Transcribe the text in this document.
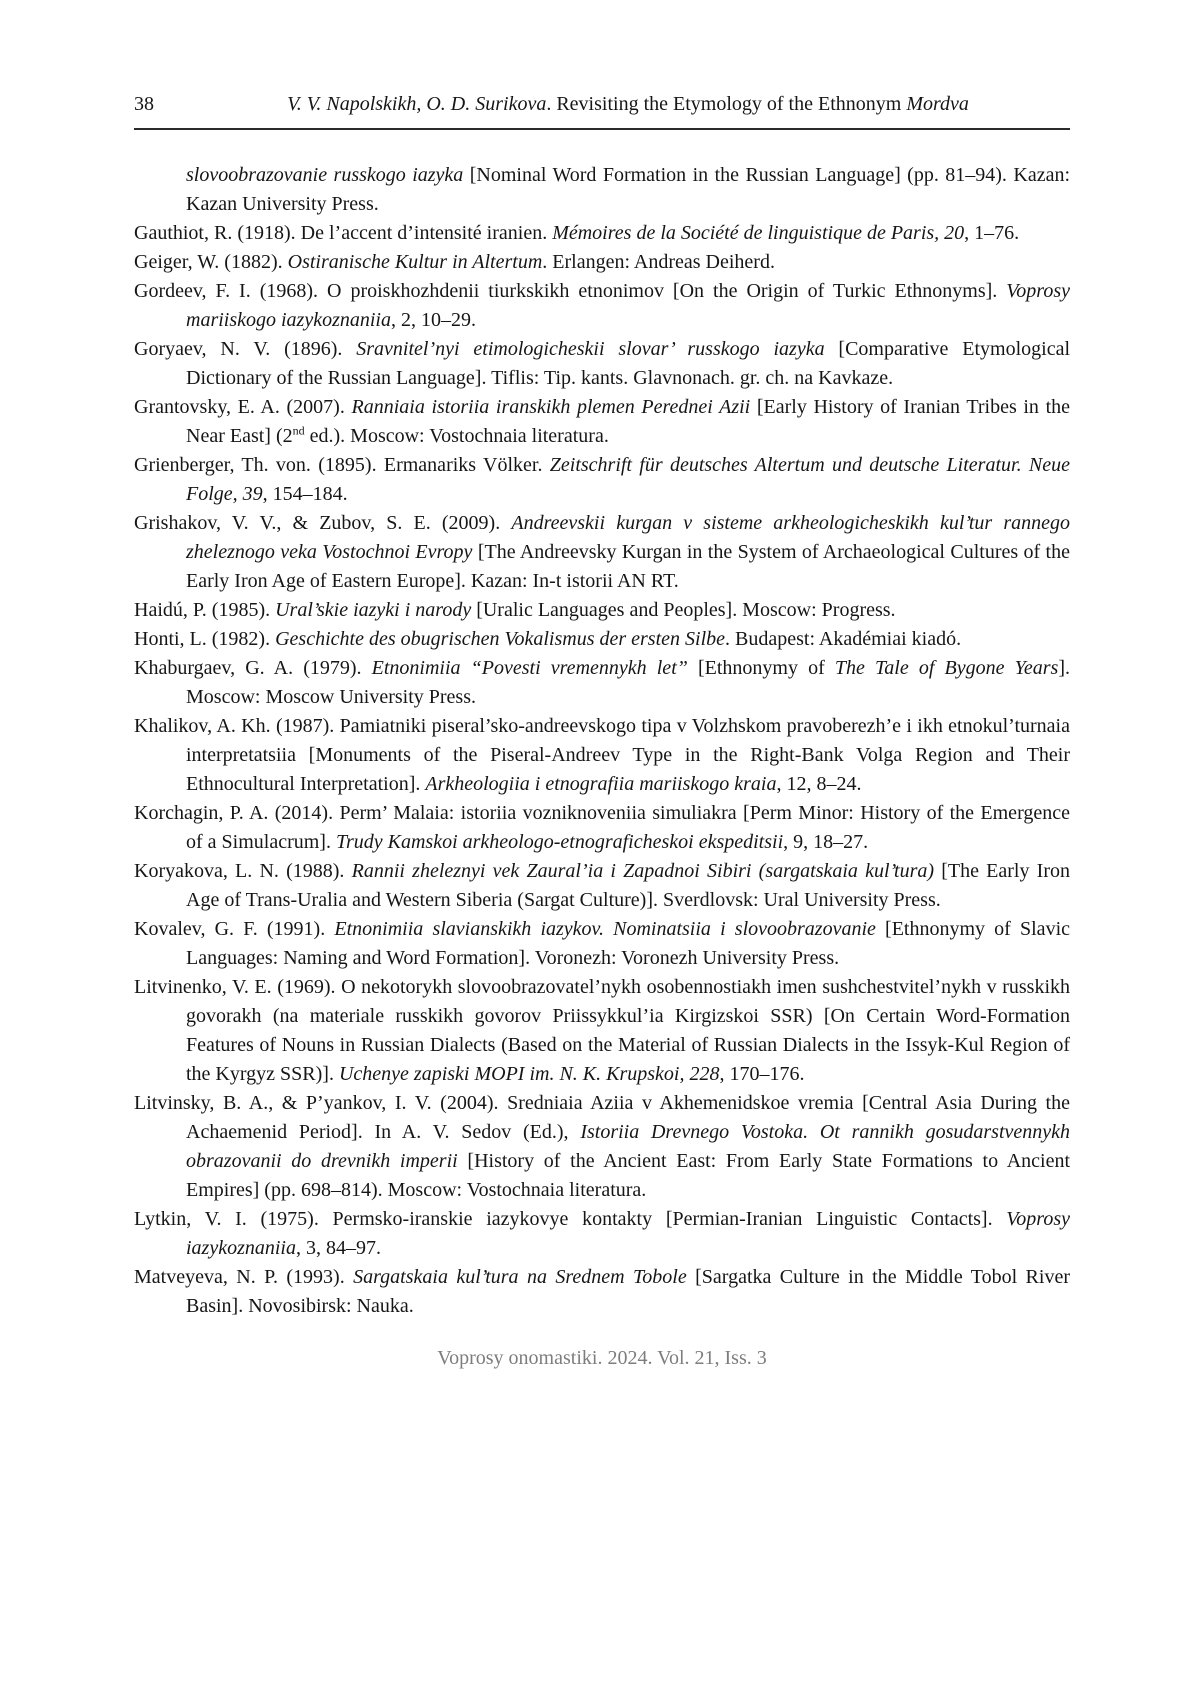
38	V. V. Napolskikh, O. D. Surikova. Revisiting the Etymology of the Ethnonym Mordva

slovoobrazovanie russkogo iazyka [Nominal Word Formation in the Russian Language] (pp. 81–94). Kazan: Kazan University Press.

Gauthiot, R. (1918). De l’accent d’intensité iranien. Mémoires de la Société de linguistique de Paris, 20, 1–76.

Geiger, W. (1882). Ostiranische Kultur in Altertum. Erlangen: Andreas Deiherd.

Gordeev, F. I. (1968). O proiskhozhdenii tiurkskikh etnonimov [On the Origin of Turkic Ethnonyms]. Voprosy mariiskogo iazykoznaniia, 2, 10–29.

Goryaev, N. V. (1896). Sravnitel’nyi etimologicheskii slovar’ russkogo iazyka [Comparative Etymological Dictionary of the Russian Language]. Tiflis: Tip. kants. Glavnonach. gr. ch. na Kavkaze.

Grantovsky, E. A. (2007). Ranniaia istoriia iranskikh plemen Perednei Azii [Early History of Iranian Tribes in the Near East] (2nd ed.). Moscow: Vostochnaia literatura.

Grienberger, Th. von. (1895). Ermanariks Völker. Zeitschrift für deutsches Altertum und deutsche Literatur. Neue Folge, 39, 154–184.

Grishakov, V. V., & Zubov, S. E. (2009). Andreevskii kurgan v sisteme arkheologicheskikh kul’tur rannego zheleznogo veka Vostochnoi Evropy [The Andreevsky Kurgan in the System of Archaeological Cultures of the Early Iron Age of Eastern Europe]. Kazan: In-t istorii AN RT.

Haidú, P. (1985). Ural’skie iazyki i narody [Uralic Languages and Peoples]. Moscow: Progress.

Honti, L. (1982). Geschichte des obugrischen Vokalismus der ersten Silbe. Budapest: Akadémiai kiadó.

Khaburgaev, G. A. (1979). Etnonimiia “Povesti vremennykh let” [Ethnonymy of The Tale of Bygone Years]. Moscow: Moscow University Press.

Khalikov, A. Kh. (1987). Pamiatniki piseral’sko-andreevskogo tipa v Volzhskom pravoberezh’e i ikh etnokul’turnaia interpretatsiia [Monuments of the Piseral-Andreev Type in the Right-Bank Volga Region and Their Ethnocultural Interpretation]. Arkheologiia i etnografiia mariiskogo kraia, 12, 8–24.

Korchagin, P. A. (2014). Perm’ Malaia: istoriia vozniknoveniia simuliakra [Perm Minor: History of the Emergence of a Simulacrum]. Trudy Kamskoi arkheologo-etnograficheskoi ekspeditsii, 9, 18–27.

Koryakova, L. N. (1988). Rannii zheleznyi vek Zaural’ia i Zapadnoi Sibiri (sargatskaia kul’tura) [The Early Iron Age of Trans-Uralia and Western Siberia (Sargat Culture)]. Sverdlovsk: Ural University Press.

Kovalev, G. F. (1991). Etnonimiia slavianskikh iazykov. Nominatsiia i slovoobrazovanie [Ethnonymy of Slavic Languages: Naming and Word Formation]. Voronezh: Voronezh University Press.

Litvinenko, V. E. (1969). O nekotorykh slovoobrazovatel’nykh osobennostiakh imen sushchestvitel’nykh v russkikh govorakh (na materiale russkikh govorov Priissykkul’ia Kirgizskoi SSR) [On Certain Word-Formation Features of Nouns in Russian Dialects (Based on the Material of Russian Dialects in the Issyk-Kul Region of the Kyrgyz SSR)]. Uchenye zapiski MOPI im. N. K. Krupskoi, 228, 170–176.

Litvinsky, B. A., & P’yankov, I. V. (2004). Sredniaia Aziia v Akhemenidskoe vremia [Central Asia During the Achaemenid Period]. In A. V. Sedov (Ed.), Istoriia Drevnego Vostoka. Ot rannikh gosudarstvennykh obrazovanii do drevnikh imperii [History of the Ancient East: From Early State Formations to Ancient Empires] (pp. 698–814). Moscow: Vostochnaia literatura.

Lytkin, V. I. (1975). Permsko-iranskie iazykovye kontakty [Permian-Iranian Linguistic Contacts]. Voprosy iazykoznaniia, 3, 84–97.

Matveyeva, N. P. (1993). Sargatskaia kul’tura na Srednem Tobole [Sargatka Culture in the Middle Tobol River Basin]. Novosibirsk: Nauka.

Voprosy onomastiki. 2024. Vol. 21, Iss. 3
